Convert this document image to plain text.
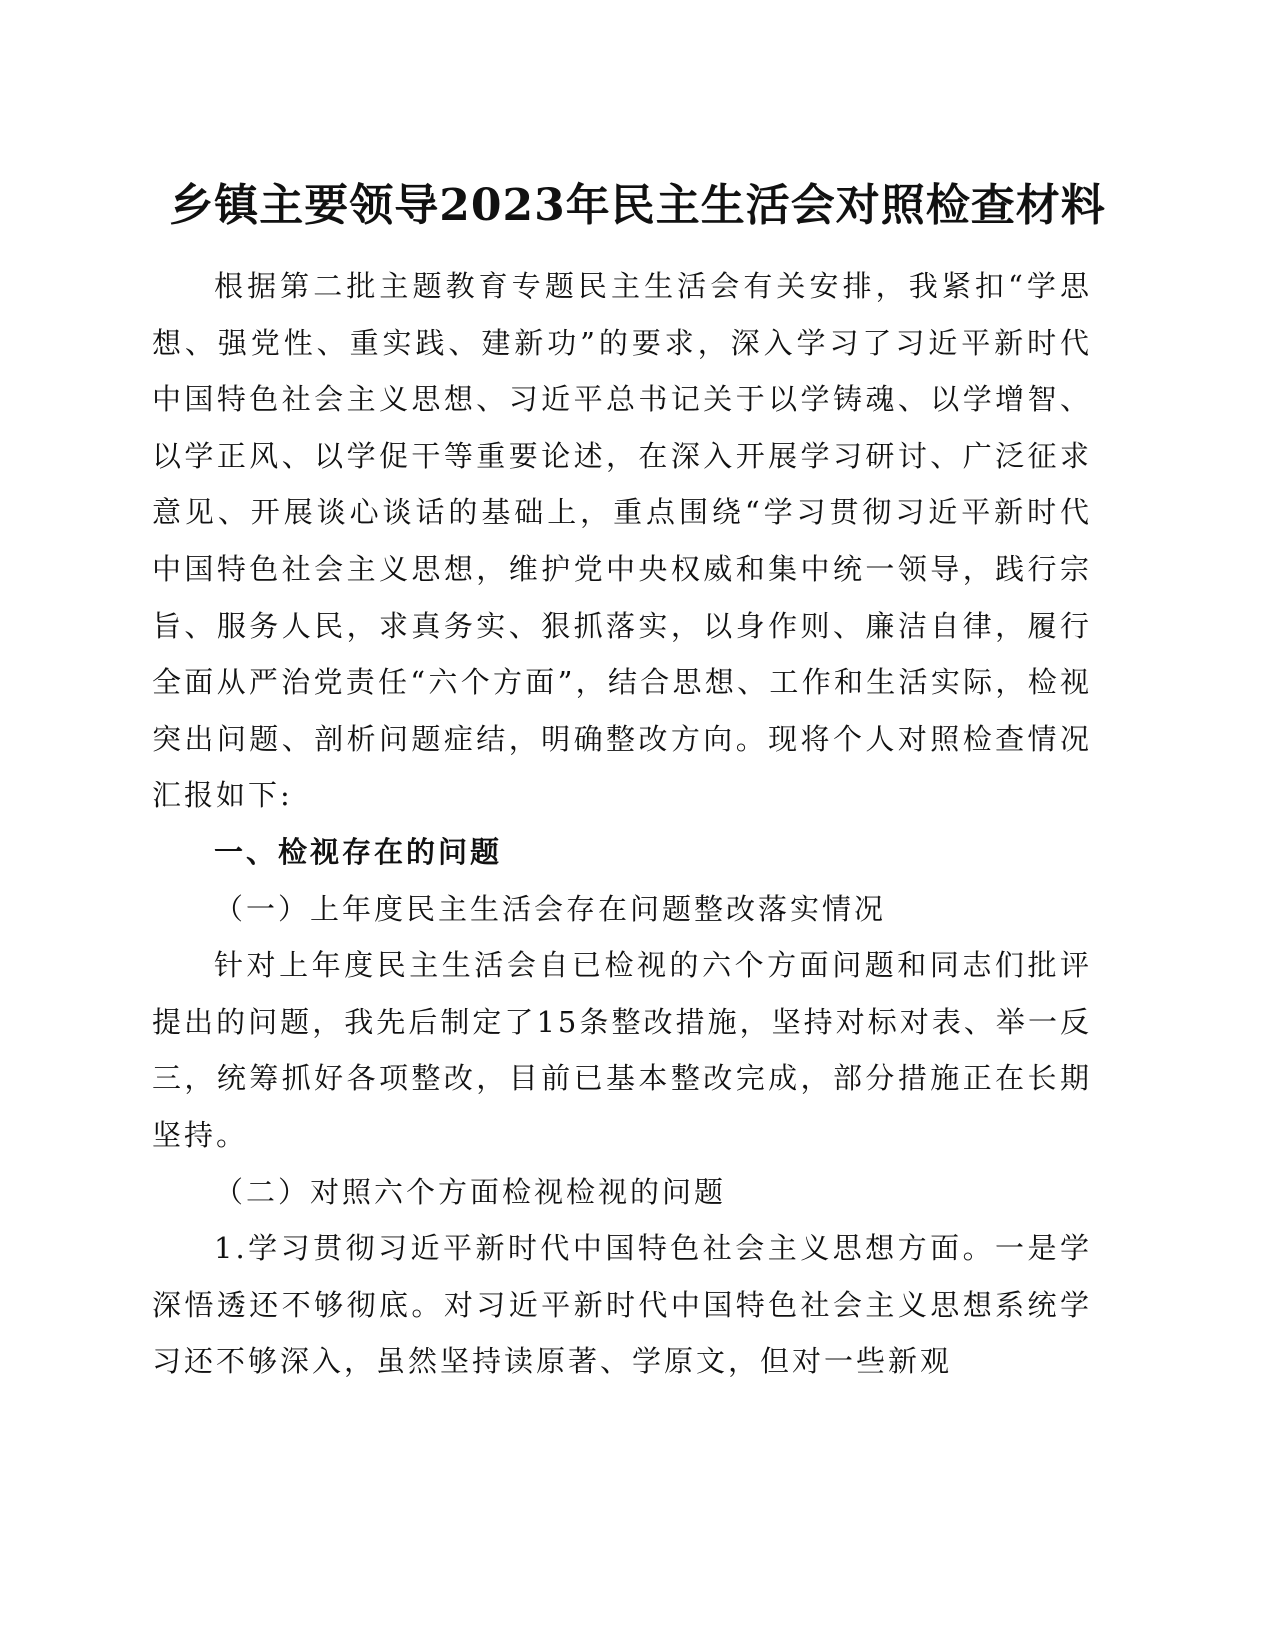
乡镇主要领导2023年民主生活会对照检查材料

根据第二批主题教育专题民主生活会有关安排，我紧扣“学思想、强党性、重实践、建新功”的要求，深入学习了习近平新时代中国特色社会主义思想、习近平总书记关于以学铸魂、以学增智、以学正风、以学促干等重要论述，在深入开展学习研讨、广泛征求意见、开展谈心谈话的基础上，重点围绕“学习贯彻习近平新时代中国特色社会主义思想，维护党中央权威和集中统一领导，践行宗旨、服务人民，求真务实、狠抓落实，以身作则、廉洁自律，履行全面从严治党责任“六个方面”，结合思想、工作和生活实际，检视突出问题、剖析问题症结，明确整改方向。现将个人对照检查情况汇报如下:

一、检视存在的问题

（一）上年度民主生活会存在问题整改落实情况

针对上年度民主生活会自已检视的六个方面问题和同志们批评提出的问题，我先后制定了15条整改措施，坚持对标对表、举一反三，统筹抓好各项整改，目前已基本整改完成，部分措施正在长期坚持。

（二）对照六个方面检视检视的问题

1.学习贯彻习近平新时代中国特色社会主义思想方面。一是学深悟透还不够彻底。对习近平新时代中国特色社会主义思想系统学习还不够深入，虽然坚持读原著、学原文，但对一些新观
